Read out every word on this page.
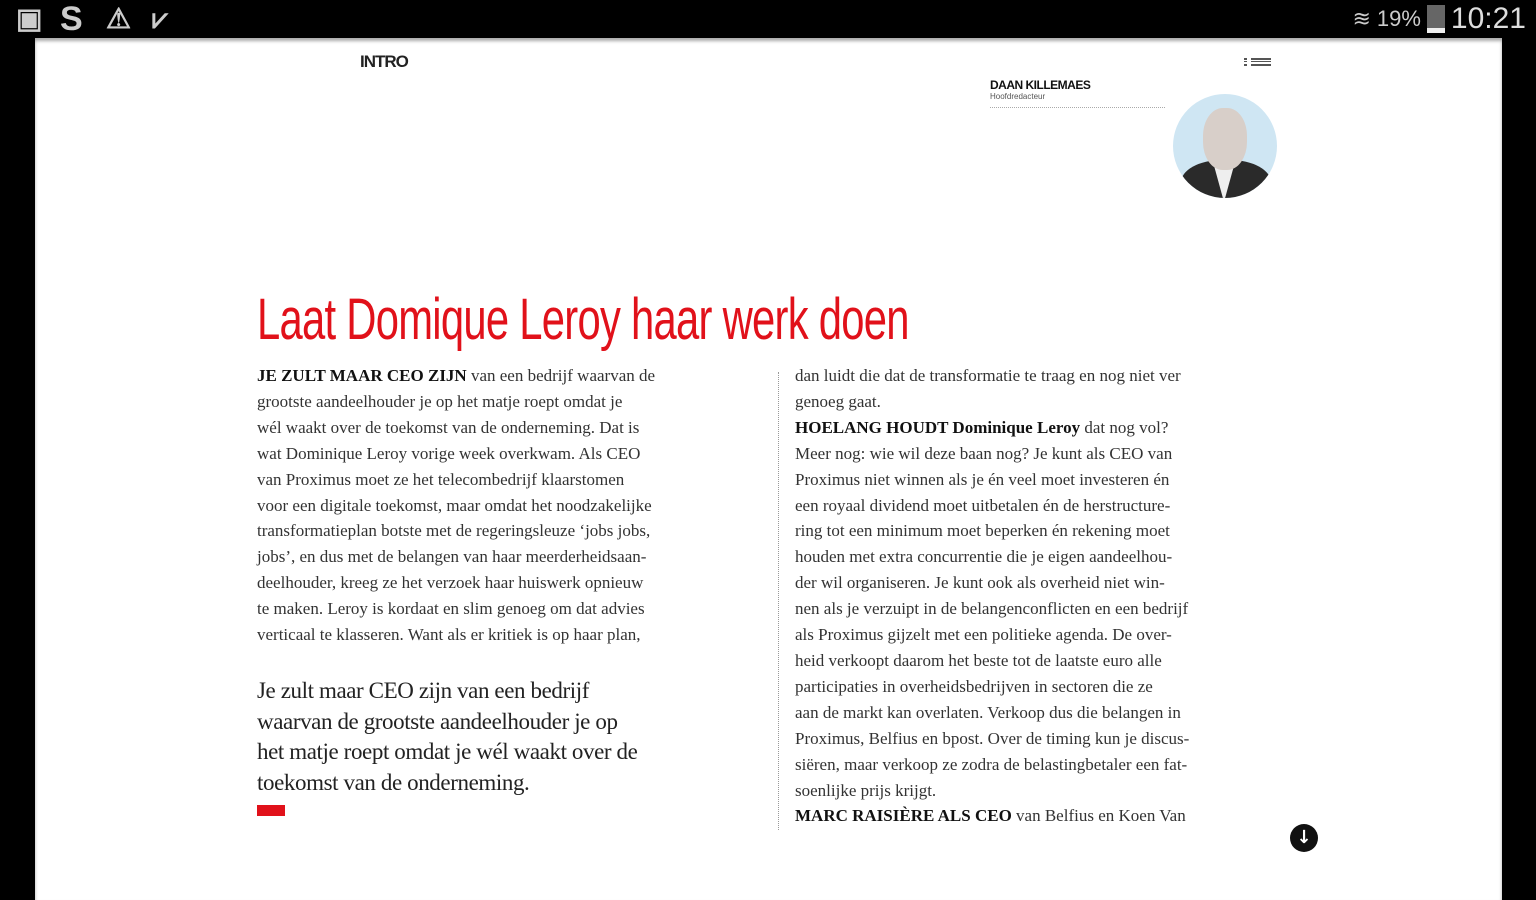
▣ S ⚠ ⩗	≋ 19% 10:21
INTRO
DAAN KILLEMAES
Hoofdredacteur
Laat Domique Leroy haar werk doen
JE ZULT MAAR CEO ZIJN van een bedrijf waarvan de
grootste aandeelhouder je op het matje roept omdat je
wél waakt over de toekomst van de onderneming. Dat is
wat Dominique Leroy vorige week overkwam. Als CEO
van Proximus moet ze het telecombedrijf klaarstomen
voor een digitale toekomst, maar omdat het noodzakelijke
transformatieplan botste met de regeringsleuze ‘jobs jobs,
jobs’, en dus met de belangen van haar meerderheidsaan-
deelhouder, kreeg ze het verzoek haar huiswerk opnieuw
te maken. Leroy is kordaat en slim genoeg om dat advies
verticaal te klasseren. Want als er kritiek is op haar plan,
dan luidt die dat de transformatie te traag en nog niet ver
genoeg gaat.
HOELANG HOUDT Dominique Leroy dat nog vol?
Meer nog: wie wil deze baan nog? Je kunt als CEO van
Proximus niet winnen als je én veel moet investeren én
een royaal dividend moet uitbetalen én de herstructure-
ring tot een minimum moet beperken én rekening moet
houden met extra concurrentie die je eigen aandeelhou-
der wil organiseren. Je kunt ook als overheid niet win-
nen als je verzuipt in de belangenconflicten en een bedrijf
als Proximus gijzelt met een politieke agenda. De over-
heid verkoopt daarom het beste tot de laatste euro alle
participaties in overheidsbedrijven in sectoren die ze
aan de markt kan overlaten. Verkoop dus die belangen in
Proximus, Belfius en bpost. Over de timing kun je discus-
siëren, maar verkoop ze zodra de belastingbetaler een fat-
soenlijke prijs krijgt.
MARC RAISIÈRE ALS CEO van Belfius en Koen Van
Je zult maar CEO zijn van een bedrijf
waarvan de grootste aandeelhouder je op
het matje roept omdat je wél waakt over de
toekomst van de onderneming.
↓
